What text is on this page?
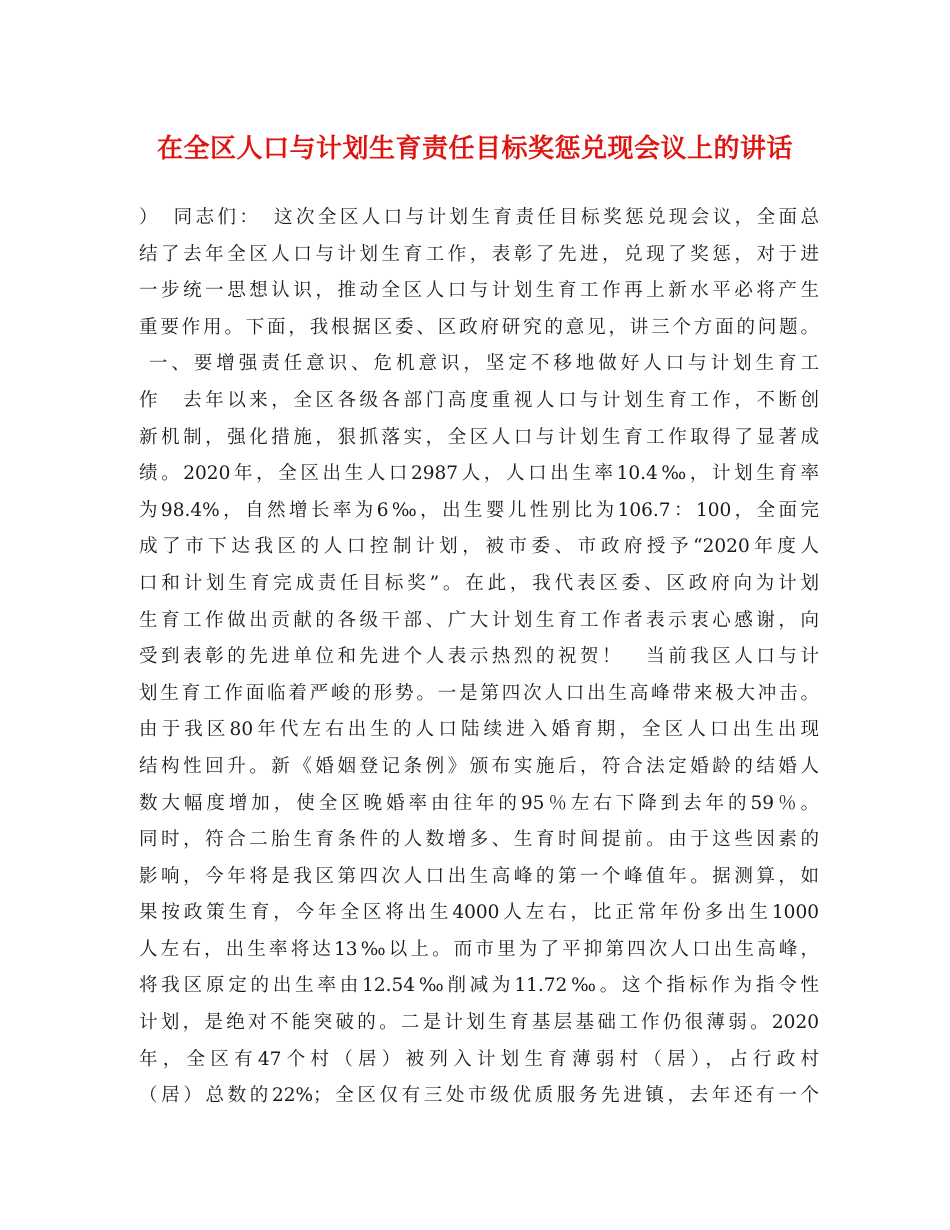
在全区人口与计划生育责任目标奖惩兑现会议上的讲话
）　同志们：　这次全区人口与计划生育责任目标奖惩兑现会议，全面总
结了去年全区人口与计划生育工作，表彰了先进，兑现了奖惩，对于进
一步统一思想认识，推动全区人口与计划生育工作再上新水平必将产生
重要作用。下面，我根据区委、区政府研究的意见，讲三个方面的问题。
一、要增强责任意识、危机意识，坚定不移地做好人口与计划生育工
作　去年以来，全区各级各部门高度重视人口与计划生育工作，不断创
新机制，强化措施，狠抓落实，全区人口与计划生育工作取得了显著成
绩。2020年，全区出生人口2987人，人口出生率10.4‰，计划生育率
为98.4%，自然增长率为6‰，出生婴儿性别比为106.7：100，全面完
成了市下达我区的人口控制计划，被市委、市政府授予“2020年度人
口和计划生育完成责任目标奖”。在此，我代表区委、区政府向为计划
生育工作做出贡献的各级干部、广大计划生育工作者表示衷心感谢，向
受到表彰的先进单位和先进个人表示热烈的祝贺！　当前我区人口与计
划生育工作面临着严峻的形势。一是第四次人口出生高峰带来极大冲击。
由于我区80年代左右出生的人口陆续进入婚育期，全区人口出生出现
结构性回升。新《婚姻登记条例》颁布实施后，符合法定婚龄的结婚人
数大幅度增加，使全区晚婚率由往年的95％左右下降到去年的59％。
同时，符合二胎生育条件的人数增多、生育时间提前。由于这些因素的
影响，今年将是我区第四次人口出生高峰的第一个峰值年。据测算，如
果按政策生育，今年全区将出生4000人左右，比正常年份多出生1000
人左右，出生率将达13‰以上。而市里为了平抑第四次人口出生高峰，
将我区原定的出生率由12.54‰削减为11.72‰。这个指标作为指令性
计划，是绝对不能突破的。二是计划生育基层基础工作仍很薄弱。2020
年，全区有47个村（居）被列入计划生育薄弱村（居），占行政村
（居）总数的22%；全区仅有三处市级优质服务先进镇，去年还有一个
